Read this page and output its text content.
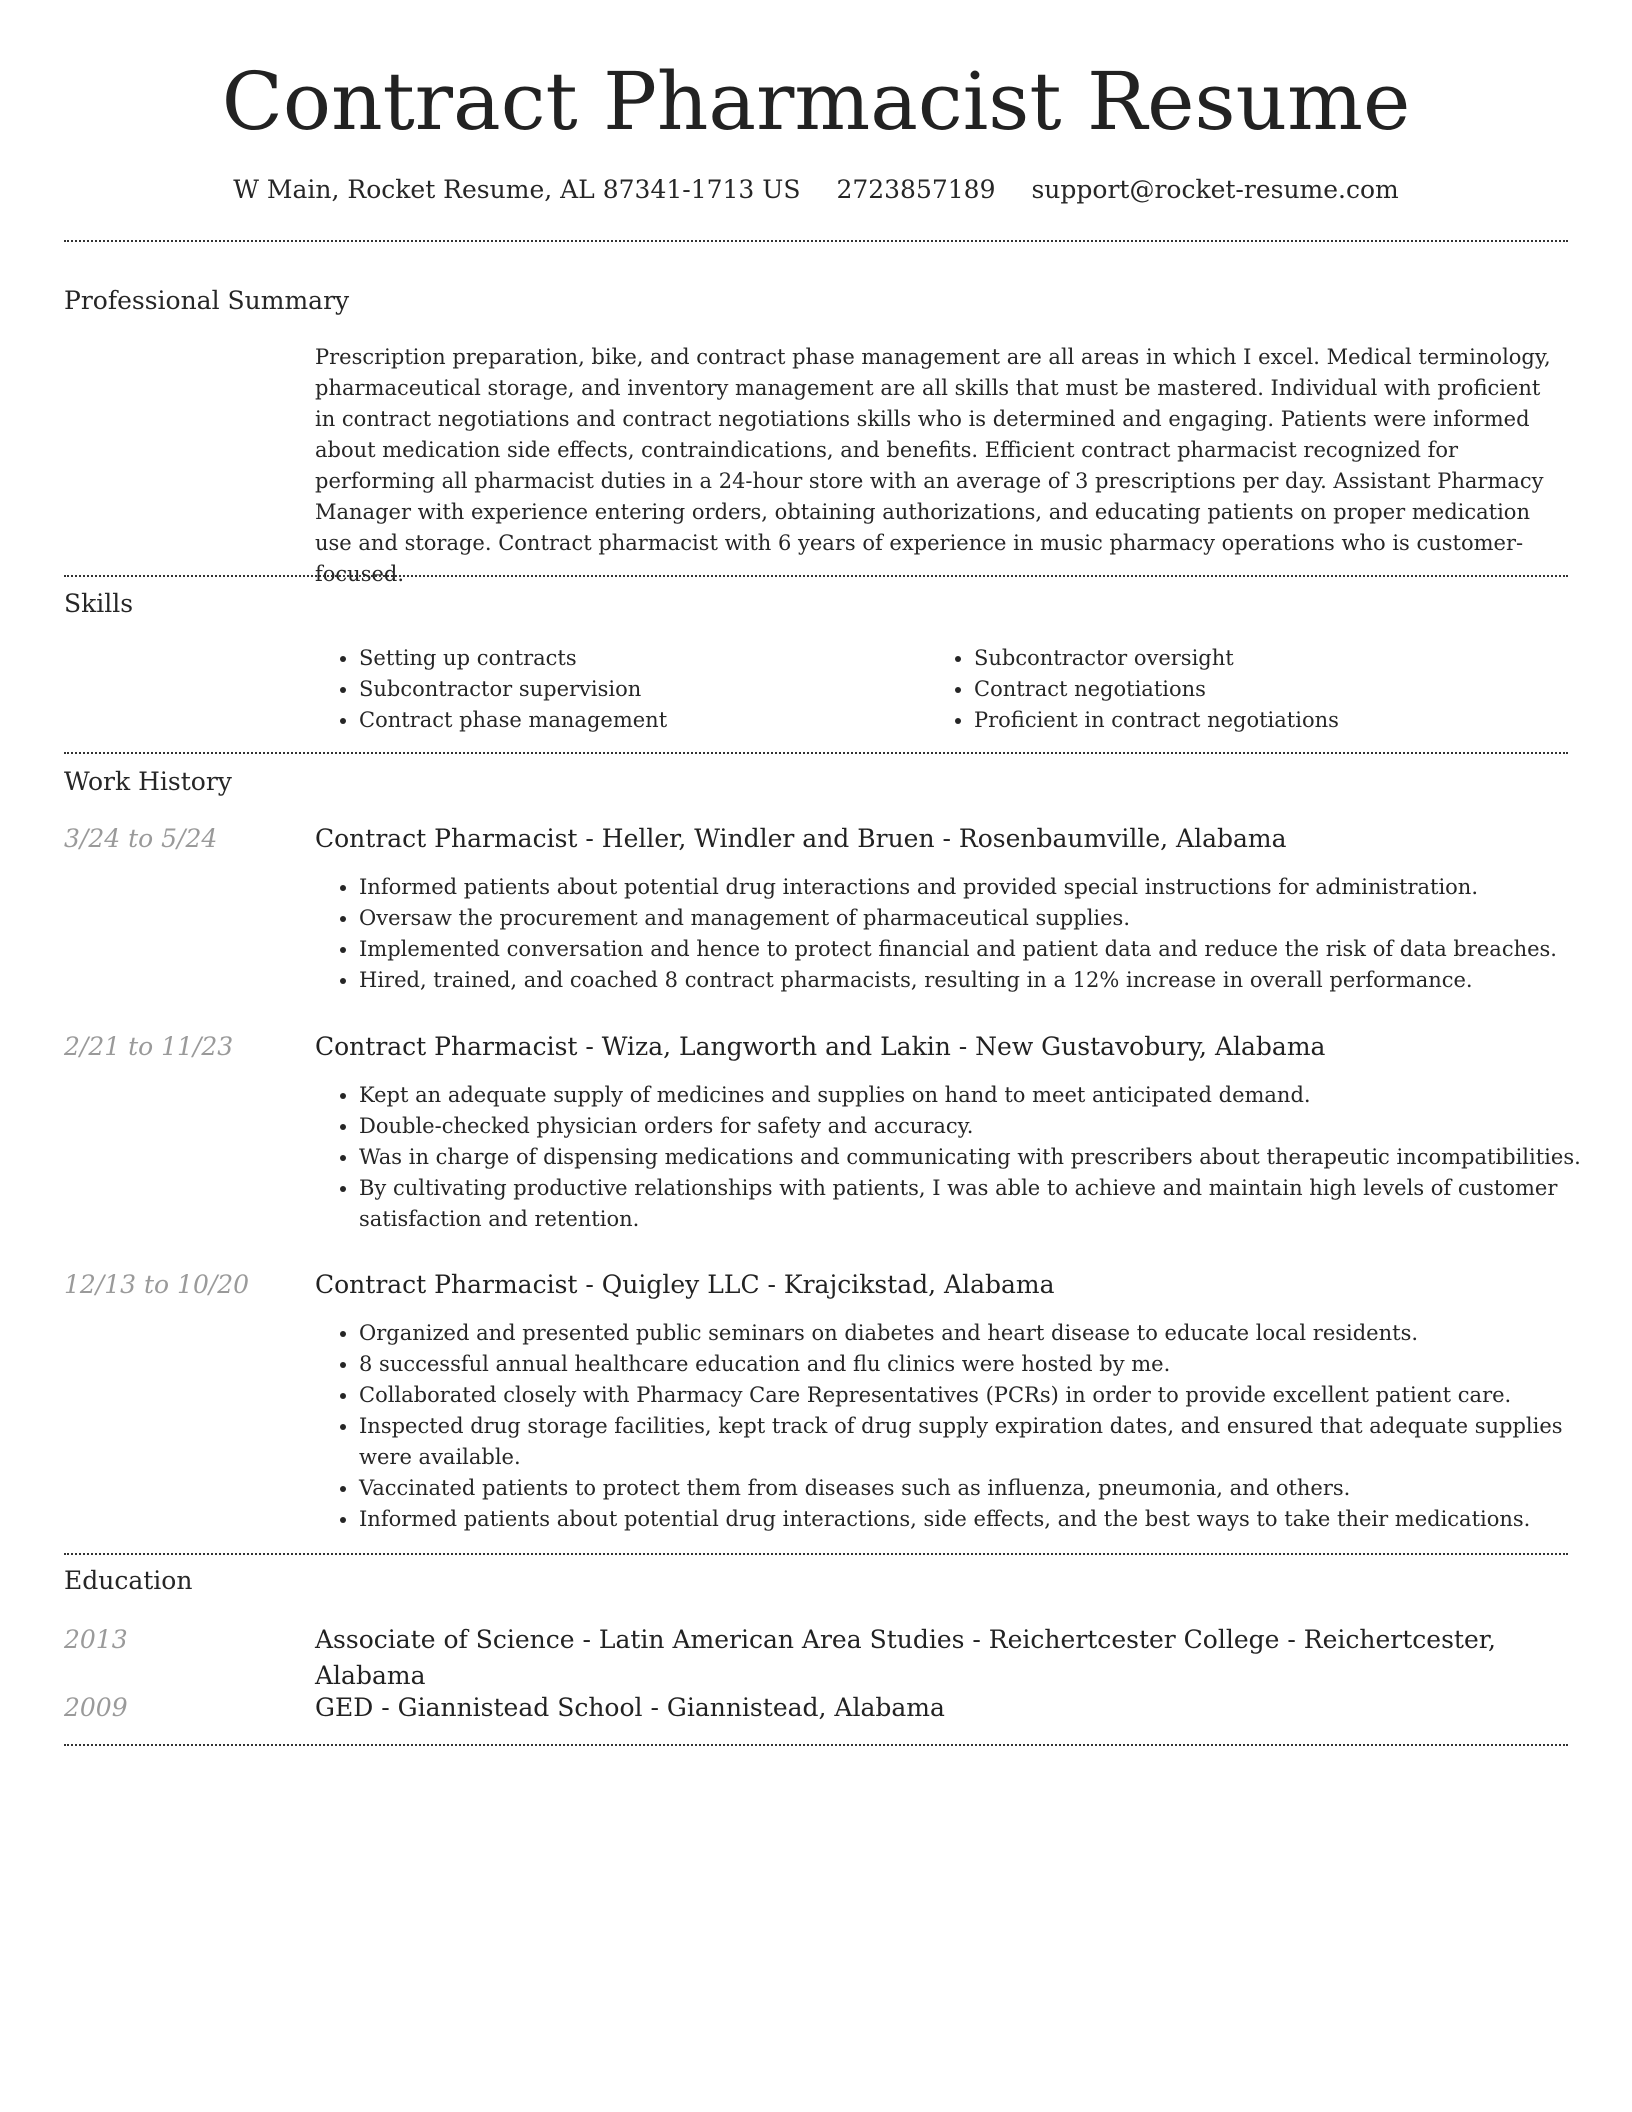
Contract Pharmacist Resume
W Main, Rocket Resume, AL 87341-1713 US 2723857189 support@rocket-resume.com
Professional Summary

Prescription preparation, bike, and contract phase management are all areas in which I excel. Medical terminology, pharmaceutical storage, and inventory management are all skills that must be mastered. Individual with proficient in contract negotiations and contract negotiations skills who is determined and engaging. Patients were informed about medication side effects, contraindications, and benefits. Efficient contract pharmacist recognized for performing all pharmacist duties in a 24-hour store with an average of 3 prescriptions per day. Assistant Pharmacy Manager with experience entering orders, obtaining authorizations, and educating patients on proper medication use and storage. Contract pharmacist with 6 years of experience in music pharmacy operations who is customer-focused.

Skills
• Setting up contracts
• Subcontractor supervision
• Contract phase management
• Subcontractor oversight
• Contract negotiations
• Proficient in contract negotiations
Work History
3/24 to 5/24	Contract Pharmacist - Heller, Windler and Bruen - Rosenbaumville, Alabama
• Informed patients about potential drug interactions and provided special instructions for administration.
• Oversaw the procurement and management of pharmaceutical supplies.
• Implemented conversation and hence to protect financial and patient data and reduce the risk of data breaches.
• Hired, trained, and coached 8 contract pharmacists, resulting in a 12% increase in overall performance.
2/21 to 11/23	Contract Pharmacist - Wiza, Langworth and Lakin - New Gustavobury, Alabama
• Kept an adequate supply of medicines and supplies on hand to meet anticipated demand.
• Double-checked physician orders for safety and accuracy.
• Was in charge of dispensing medications and communicating with prescribers about therapeutic incompatibilities.
• By cultivating productive relationships with patients, I was able to achieve and maintain high levels of customer satisfaction and retention.
12/13 to 10/20	Contract Pharmacist - Quigley LLC - Krajcikstad, Alabama
• Organized and presented public seminars on diabetes and heart disease to educate local residents.
• 8 successful annual healthcare education and flu clinics were hosted by me.
• Collaborated closely with Pharmacy Care Representatives (PCRs) in order to provide excellent patient care.
• Inspected drug storage facilities, kept track of drug supply expiration dates, and ensured that adequate supplies were available.
• Vaccinated patients to protect them from diseases such as influenza, pneumonia, and others.
• Informed patients about potential drug interactions, side effects, and the best ways to take their medications.
Education
2013	Associate of Science - Latin American Area Studies - Reichertcester College - Reichertcester, Alabama
2009	GED - Giannistead School - Giannistead, Alabama
